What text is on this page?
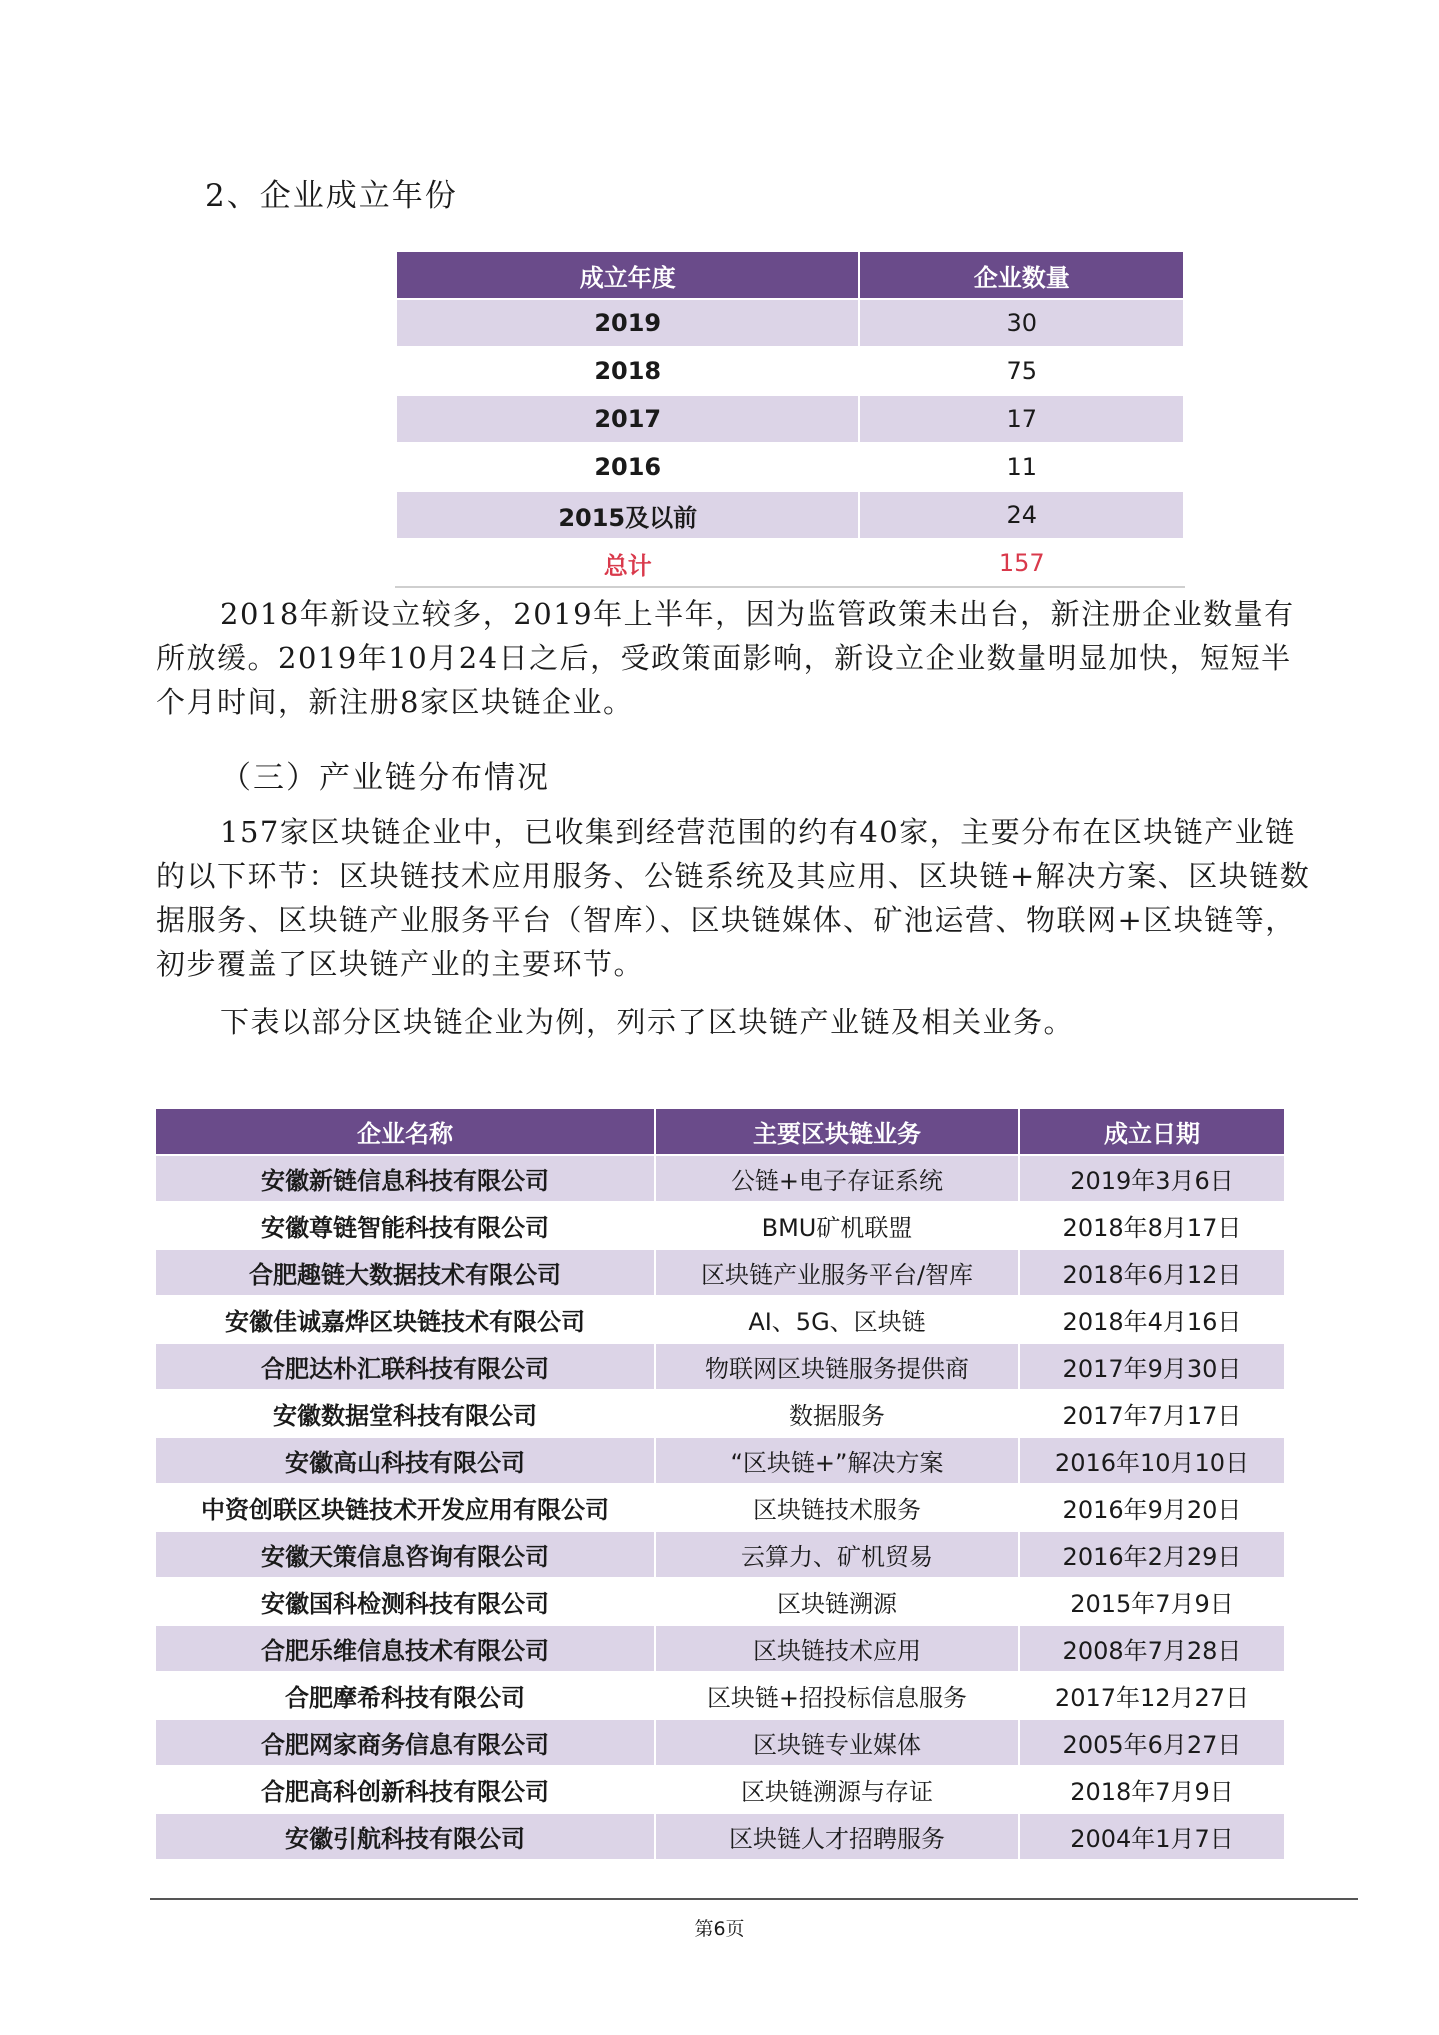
2、企业成立年份
成立年度	企业数量
2019	30
2018	75
2017	17
2016	11
2015及以前	24
总计	157

2018年新设立较多，2019年上半年，因为监管政策未出台，新注册企业数量有所放缓。2019年10月24日之后，受政策面影响，新设立企业数量明显加快，短短半个月时间，新注册8家区块链企业。

（三）产业链分布情况

157家区块链企业中，已收集到经营范围的约有40家，主要分布在区块链产业链的以下环节：区块链技术应用服务、公链系统及其应用、区块链+解决方案、区块链数据服务、区块链产业服务平台（智库）、区块链媒体、矿池运营、物联网+区块链等，初步覆盖了区块链产业的主要环节。

下表以部分区块链企业为例，列示了区块链产业链及相关业务。

企业名称	主要区块链业务	成立日期
安徽新链信息科技有限公司	公链+电子存证系统	2019年3月6日
安徽尊链智能科技有限公司	BMU矿机联盟	2018年8月17日
合肥趣链大数据技术有限公司	区块链产业服务平台/智库	2018年6月12日
安徽佳诚嘉烨区块链技术有限公司	AI、5G、区块链	2018年4月16日
合肥达朴汇联科技有限公司	物联网区块链服务提供商	2017年9月30日
安徽数据堂科技有限公司	数据服务	2017年7月17日
安徽高山科技有限公司	“区块链+”解决方案	2016年10月10日
中资创联区块链技术开发应用有限公司	区块链技术服务	2016年9月20日
安徽天策信息咨询有限公司	云算力、矿机贸易	2016年2月29日
安徽国科检测科技有限公司	区块链溯源	2015年7月9日
合肥乐维信息技术有限公司	区块链技术应用	2008年7月28日
合肥摩希科技有限公司	区块链+招投标信息服务	2017年12月27日
合肥网家商务信息有限公司	区块链专业媒体	2005年6月27日
合肥高科创新科技有限公司	区块链溯源与存证	2018年7月9日
安徽引航科技有限公司	区块链人才招聘服务	2004年1月7日
第6页
